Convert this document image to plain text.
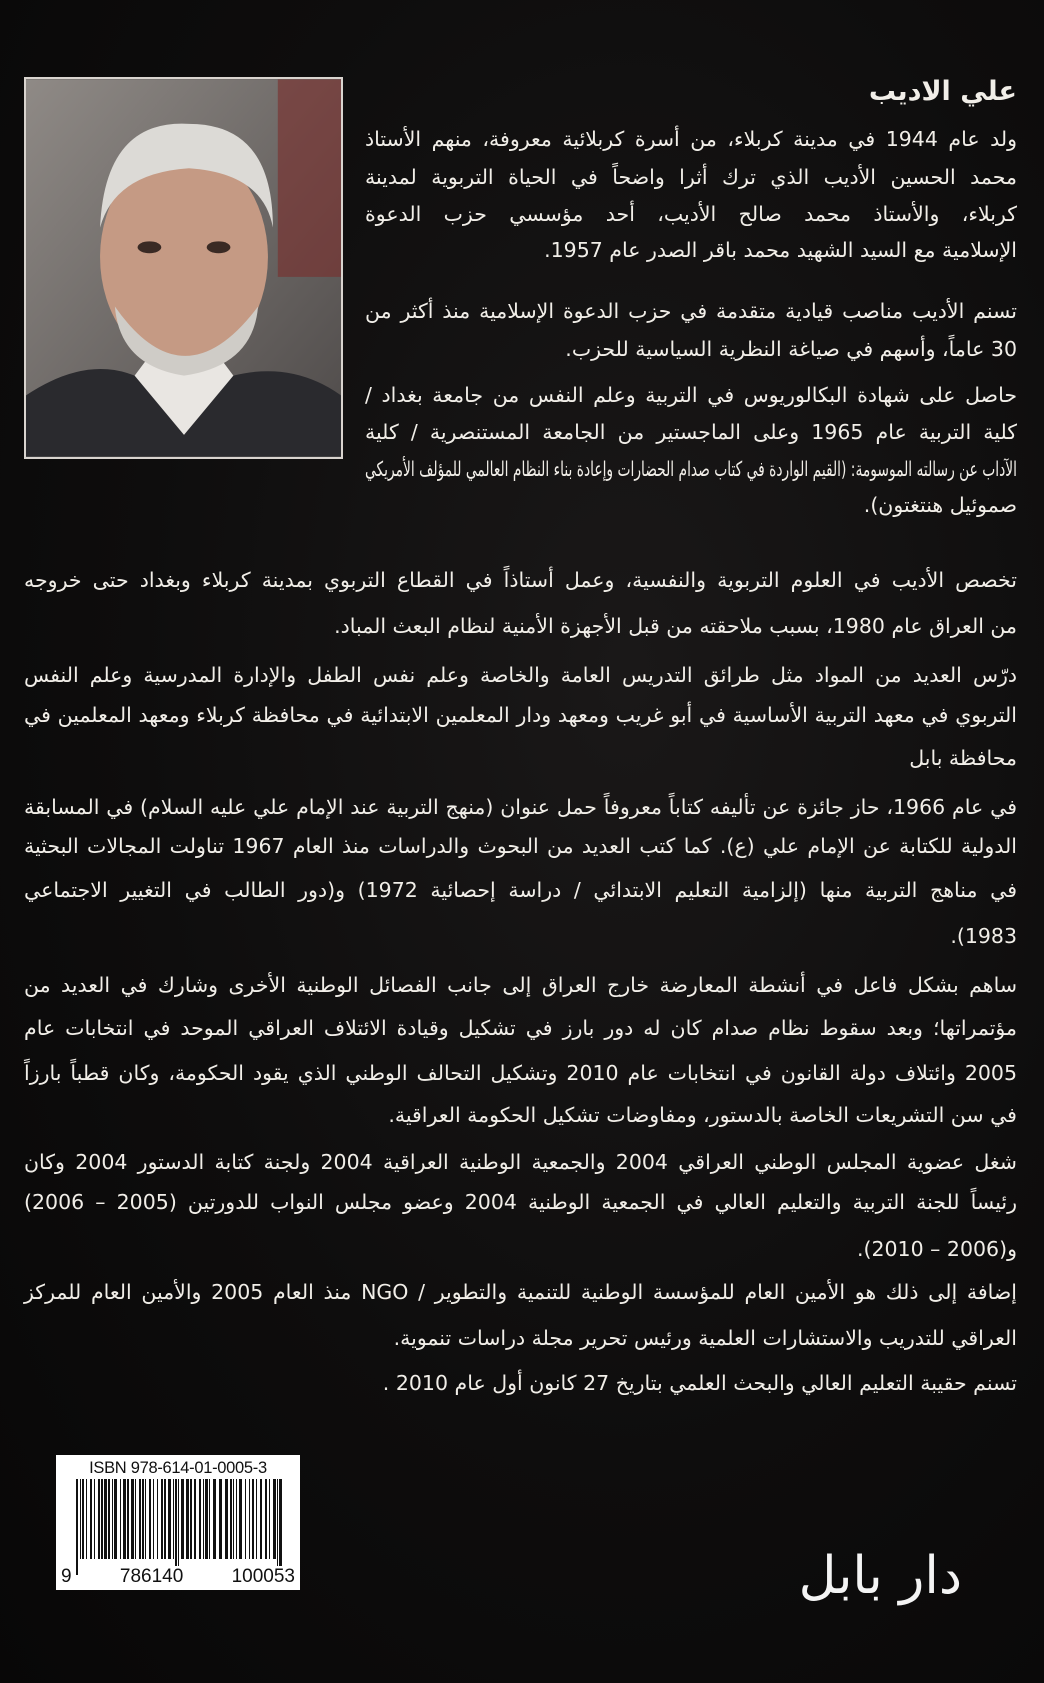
علي الاديب
ولد عام 1944 في مدينة كربلاء، من أسرة كربلائية معروفة، منهم الأستاذ
محمد الحسين الأديب الذي ترك أثرا واضحاً في الحياة التربوية لمدينة
كربلاء، والأستاذ محمد صالح الأديب، أحد مؤسسي حزب الدعوة
الإسلامية مع السيد الشهيد محمد باقر الصدر عام 1957.
تسنم الأديب مناصب قيادية متقدمة في حزب الدعوة الإسلامية منذ أكثر من
30 عاماً، وأسهم في صياغة النظرية السياسية للحزب.
حاصل على شهادة البكالوريوس في التربية وعلم النفس من جامعة بغداد /
كلية التربية عام 1965 وعلى الماجستير من الجامعة المستنصرية / كلية
الآداب عن رسالته الموسومة: (القيم الواردة في كتاب صدام الحضارات وإعادة بناء النظام العالمي للمؤلف الأمريكي
صموئيل هنتغتون).
تخصص الأديب في العلوم التربوية والنفسية، وعمل أستاذاً في القطاع التربوي بمدينة كربلاء وبغداد حتى خروجه
من العراق عام 1980، بسبب ملاحقته من قبل الأجهزة الأمنية لنظام البعث المباد.
درّس العديد من المواد مثل طرائق التدريس العامة والخاصة وعلم نفس الطفل والإدارة المدرسية وعلم النفس
التربوي في معهد التربية الأساسية في أبو غريب ومعهد ودار المعلمين الابتدائية في محافظة كربلاء ومعهد المعلمين في
محافظة بابل
في عام 1966، حاز جائزة عن تأليفه كتاباً معروفاً حمل عنوان (منهج التربية عند الإمام علي عليه السلام) في المسابقة
الدولية للكتابة عن الإمام علي (ع). كما كتب العديد من البحوث والدراسات منذ العام 1967 تناولت المجالات البحثية
في مناهج التربية منها (إلزامية التعليم الابتدائي / دراسة إحصائية 1972) و(دور الطالب في التغيير الاجتماعي
1983).
ساهم بشكل فاعل في أنشطة المعارضة خارج العراق إلى جانب الفصائل الوطنية الأخرى وشارك في العديد من
مؤتمراتها؛ وبعد سقوط نظام صدام كان له دور بارز في تشكيل وقيادة الائتلاف العراقي الموحد في انتخابات عام
2005 وائتلاف دولة القانون في انتخابات عام 2010 وتشكيل التحالف الوطني الذي يقود الحكومة، وكان قطباً بارزاً
في سن التشريعات الخاصة بالدستور، ومفاوضات تشكيل الحكومة العراقية.
شغل عضوية المجلس الوطني العراقي 2004 والجمعية الوطنية العراقية 2004 ولجنة كتابة الدستور 2004 وكان
رئيساً للجنة التربية والتعليم العالي في الجمعية الوطنية 2004 وعضو مجلس النواب للدورتين (2005 – 2006)
و(2006 – 2010).
إضافة إلى ذلك هو الأمين العام للمؤسسة الوطنية للتنمية والتطوير / NGO منذ العام 2005 والأمين العام للمركز
العراقي للتدريب والاستشارات العلمية ورئيس تحرير مجلة دراسات تنموية.
تسنم حقيبة التعليم العالي والبحث العلمي بتاريخ 27 كانون أول عام 2010 .
ISBN 978-614-01-0005-3
9	786140	100053	دار بابل
